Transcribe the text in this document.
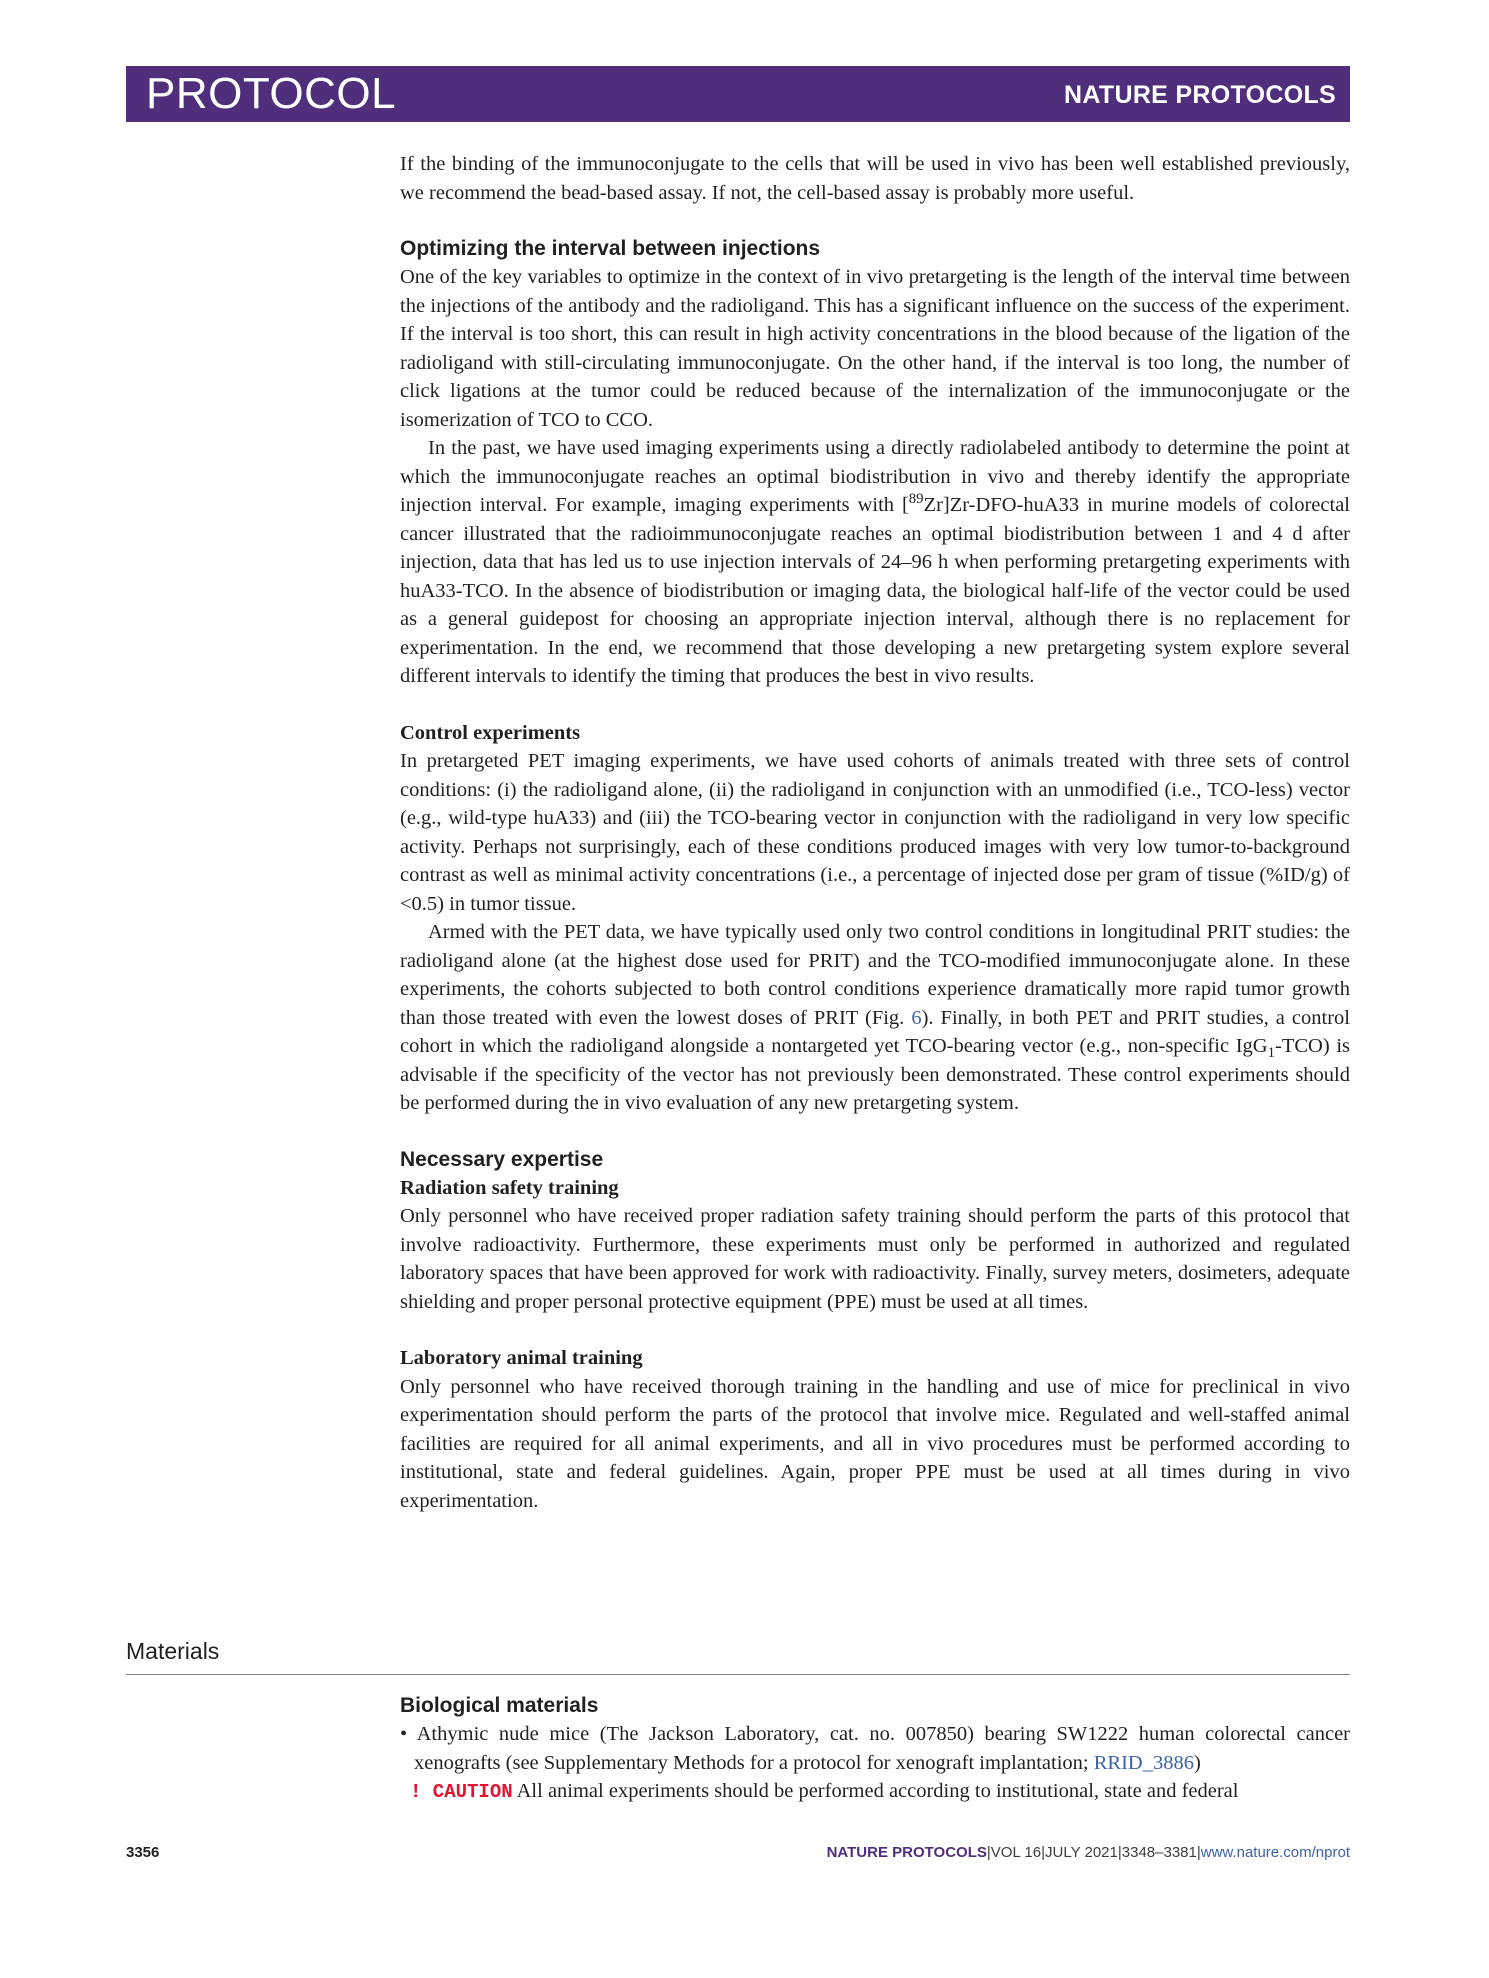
PROTOCOL	NATURE PROTOCOLS

If the binding of the immunoconjugate to the cells that will be used in vivo has been well established previously, we recommend the bead-based assay. If not, the cell-based assay is probably more useful.

Optimizing the interval between injections

One of the key variables to optimize in the context of in vivo pretargeting is the length of the interval time between the injections of the antibody and the radioligand. This has a significant influence on the success of the experiment. If the interval is too short, this can result in high activity concentrations in the blood because of the ligation of the radioligand with still-circulating immunoconjugate. On the other hand, if the interval is too long, the number of click ligations at the tumor could be reduced because of the internalization of the immunoconjugate or the isomerization of TCO to CCO.

In the past, we have used imaging experiments using a directly radiolabeled antibody to determine the point at which the immunoconjugate reaches an optimal biodistribution in vivo and thereby identify the appropriate injection interval. For example, imaging experiments with [$^{89}$Zr]Zr-DFO-huA33 in murine models of colorectal cancer illustrated that the radioimmunoconjugate reaches an optimal biodistribution between 1 and 4 d after injection, data that has led us to use injection intervals of 24–96 h when performing pretargeting experiments with huA33-TCO. In the absence of biodistribution or imaging data, the biological half-life of the vector could be used as a general guidepost for choosing an appropriate injection interval, although there is no replacement for experimentation. In the end, we recommend that those developing a new pretargeting system explore several different intervals to identify the timing that produces the best in vivo results.

Control experiments

In pretargeted PET imaging experiments, we have used cohorts of animals treated with three sets of control conditions: (i) the radioligand alone, (ii) the radioligand in conjunction with an unmodified (i.e., TCO-less) vector (e.g., wild-type huA33) and (iii) the TCO-bearing vector in conjunction with the radioligand in very low specific activity. Perhaps not surprisingly, each of these conditions produced images with very low tumor-to-background contrast as well as minimal activity concentrations (i.e., a percentage of injected dose per gram of tissue (%ID/g) of <0.5) in tumor tissue.

Armed with the PET data, we have typically used only two control conditions in longitudinal PRIT studies: the radioligand alone (at the highest dose used for PRIT) and the TCO-modified immunoconjugate alone. In these experiments, the cohorts subjected to both control conditions experience dramatically more rapid tumor growth than those treated with even the lowest doses of PRIT (Fig. 6). Finally, in both PET and PRIT studies, a control cohort in which the radioligand alongside a nontargeted yet TCO-bearing vector (e.g., non-specific IgG$_1$-TCO) is advisable if the specificity of the vector has not previously been demonstrated. These control experiments should be performed during the in vivo evaluation of any new pretargeting system.

Necessary expertise
Radiation safety training

Only personnel who have received proper radiation safety training should perform the parts of this protocol that involve radioactivity. Furthermore, these experiments must only be performed in authorized and regulated laboratory spaces that have been approved for work with radioactivity. Finally, survey meters, dosimeters, adequate shielding and proper personal protective equipment (PPE) must be used at all times.

Laboratory animal training

Only personnel who have received thorough training in the handling and use of mice for preclinical in vivo experimentation should perform the parts of the protocol that involve mice. Regulated and well-staffed animal facilities are required for all animal experiments, and all in vivo procedures must be performed according to institutional, state and federal guidelines. Again, proper PPE must be used at all times during in vivo experimentation.

Materials
Biological materials

• Athymic nude mice (The Jackson Laboratory, cat. no. 007850) bearing SW1222 human colorectal cancer xenografts (see Supplementary Methods for a protocol for xenograft implantation; RRID_3886)

! CAUTION All animal experiments should be performed according to institutional, state and federal

3356	NATURE PROTOCOLS|VOL 16|JULY 2021|3348–3381|www.nature.com/nprot
